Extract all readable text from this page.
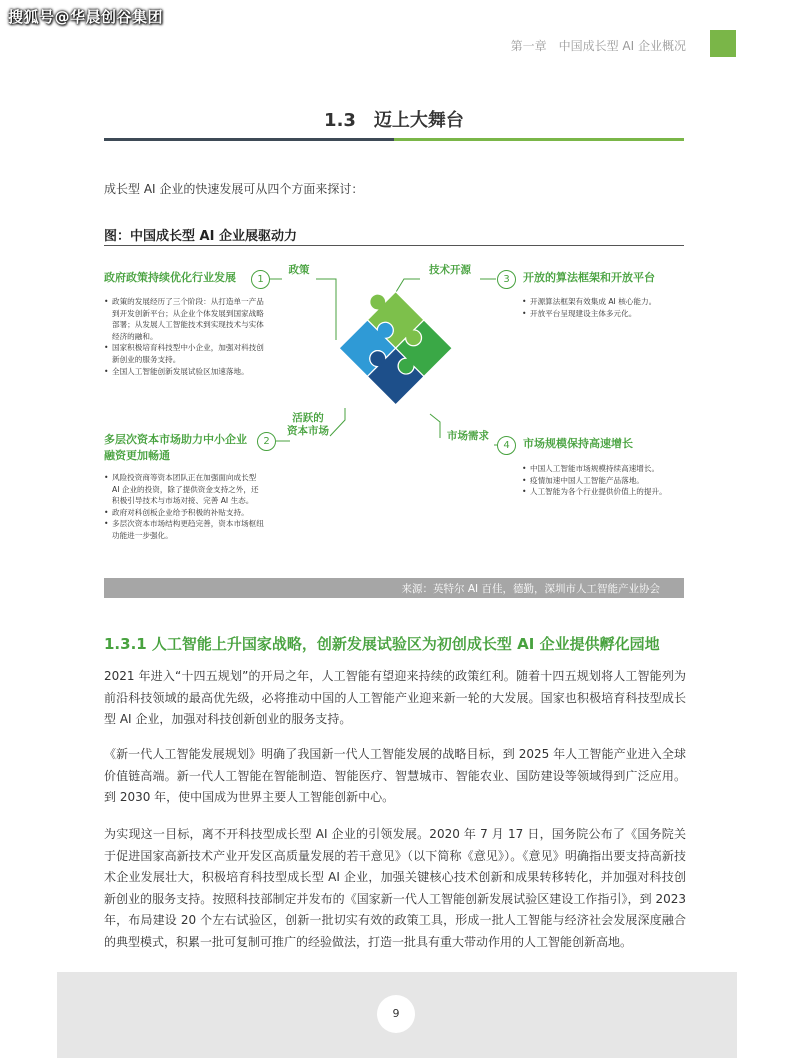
搜狐号@华晨创谷集团
第一章　中国成长型 AI 企业概况
1.3　迈上大舞台
成长型 AI 企业的快速发展可从四个方面来探讨：
图：中国成长型 AI 企业展驱动力
政府政策持续优化行业发展	1
• 政策的发展经历了三个阶段：从打造单一产品到开发创新平台；从企业个体发展到国家战略部署；从发展人工智能技术到实现技术与实体经济的融和。
• 国家积极培育科技型中小企业，加强对科技创新创业的服务支持。
• 全国人工智能创新发展试验区加速落地。
多层次资本市场助力中小企业融资更加畅通
2
• 风险投资商等资本团队正在加强面向成长型 AI 企业的投资，除了提供资金支持之外，还积极引导技术与市场对接、完善 AI 生态。
• 政府对科创板企业给予积极的补贴支持。
• 多层次资本市场结构更趋完善，资本市场枢纽功能进一步强化。
3	开放的算法框架和开放平台
• 开源算法框架有效集成 AI 核心能力。
• 开放平台呈现建设主体多元化。
4	市场规模保持高速增长
• 中国人工智能市场规模持续高速增长。
• 疫情加速中国人工智能产品落地。
• 人工智能为各个行业提供价值上的提升。
政策	技术开源
活跃的
资本市场	市场需求
来源：英特尔 AI 百佳，德勤，深圳市人工智能产业协会
1.3.1 人工智能上升国家战略，创新发展试验区为初创成长型 AI 企业提供孵化园地
2021 年进入“十四五规划”的开局之年，人工智能有望迎来持续的政策红利。随着十四五规划将人工智能列为前沿科技领域的最高优先级，必将推动中国的人工智能产业迎来新一轮的大发展。国家也积极培育科技型成长型 AI 企业，加强对科技创新创业的服务支持。
《新一代人工智能发展规划》明确了我国新一代人工智能发展的战略目标，到 2025 年人工智能产业进入全球价值链高端。新一代人工智能在智能制造、智能医疗、智慧城市、智能农业、国防建设等领域得到广泛应用。到 2030 年，使中国成为世界主要人工智能创新中心。
为实现这一目标，离不开科技型成长型 AI 企业的引领发展。2020 年 7 月 17 日，国务院公布了《国务院关于促进国家高新技术产业开发区高质量发展的若干意见》（以下简称《意见》）。《意见》明确指出要支持高新技术企业发展壮大，积极培育科技型成长型 AI 企业，加强关键核心技术创新和成果转移转化，并加强对科技创新创业的服务支持。按照科技部制定并发布的《国家新一代人工智能创新发展试验区建设工作指引》，到 2023 年，布局建设 20 个左右试验区，创新一批切实有效的政策工具，形成一批人工智能与经济社会发展深度融合的典型模式，积累一批可复制可推广的经验做法，打造一批具有重大带动作用的人工智能创新高地。
9
